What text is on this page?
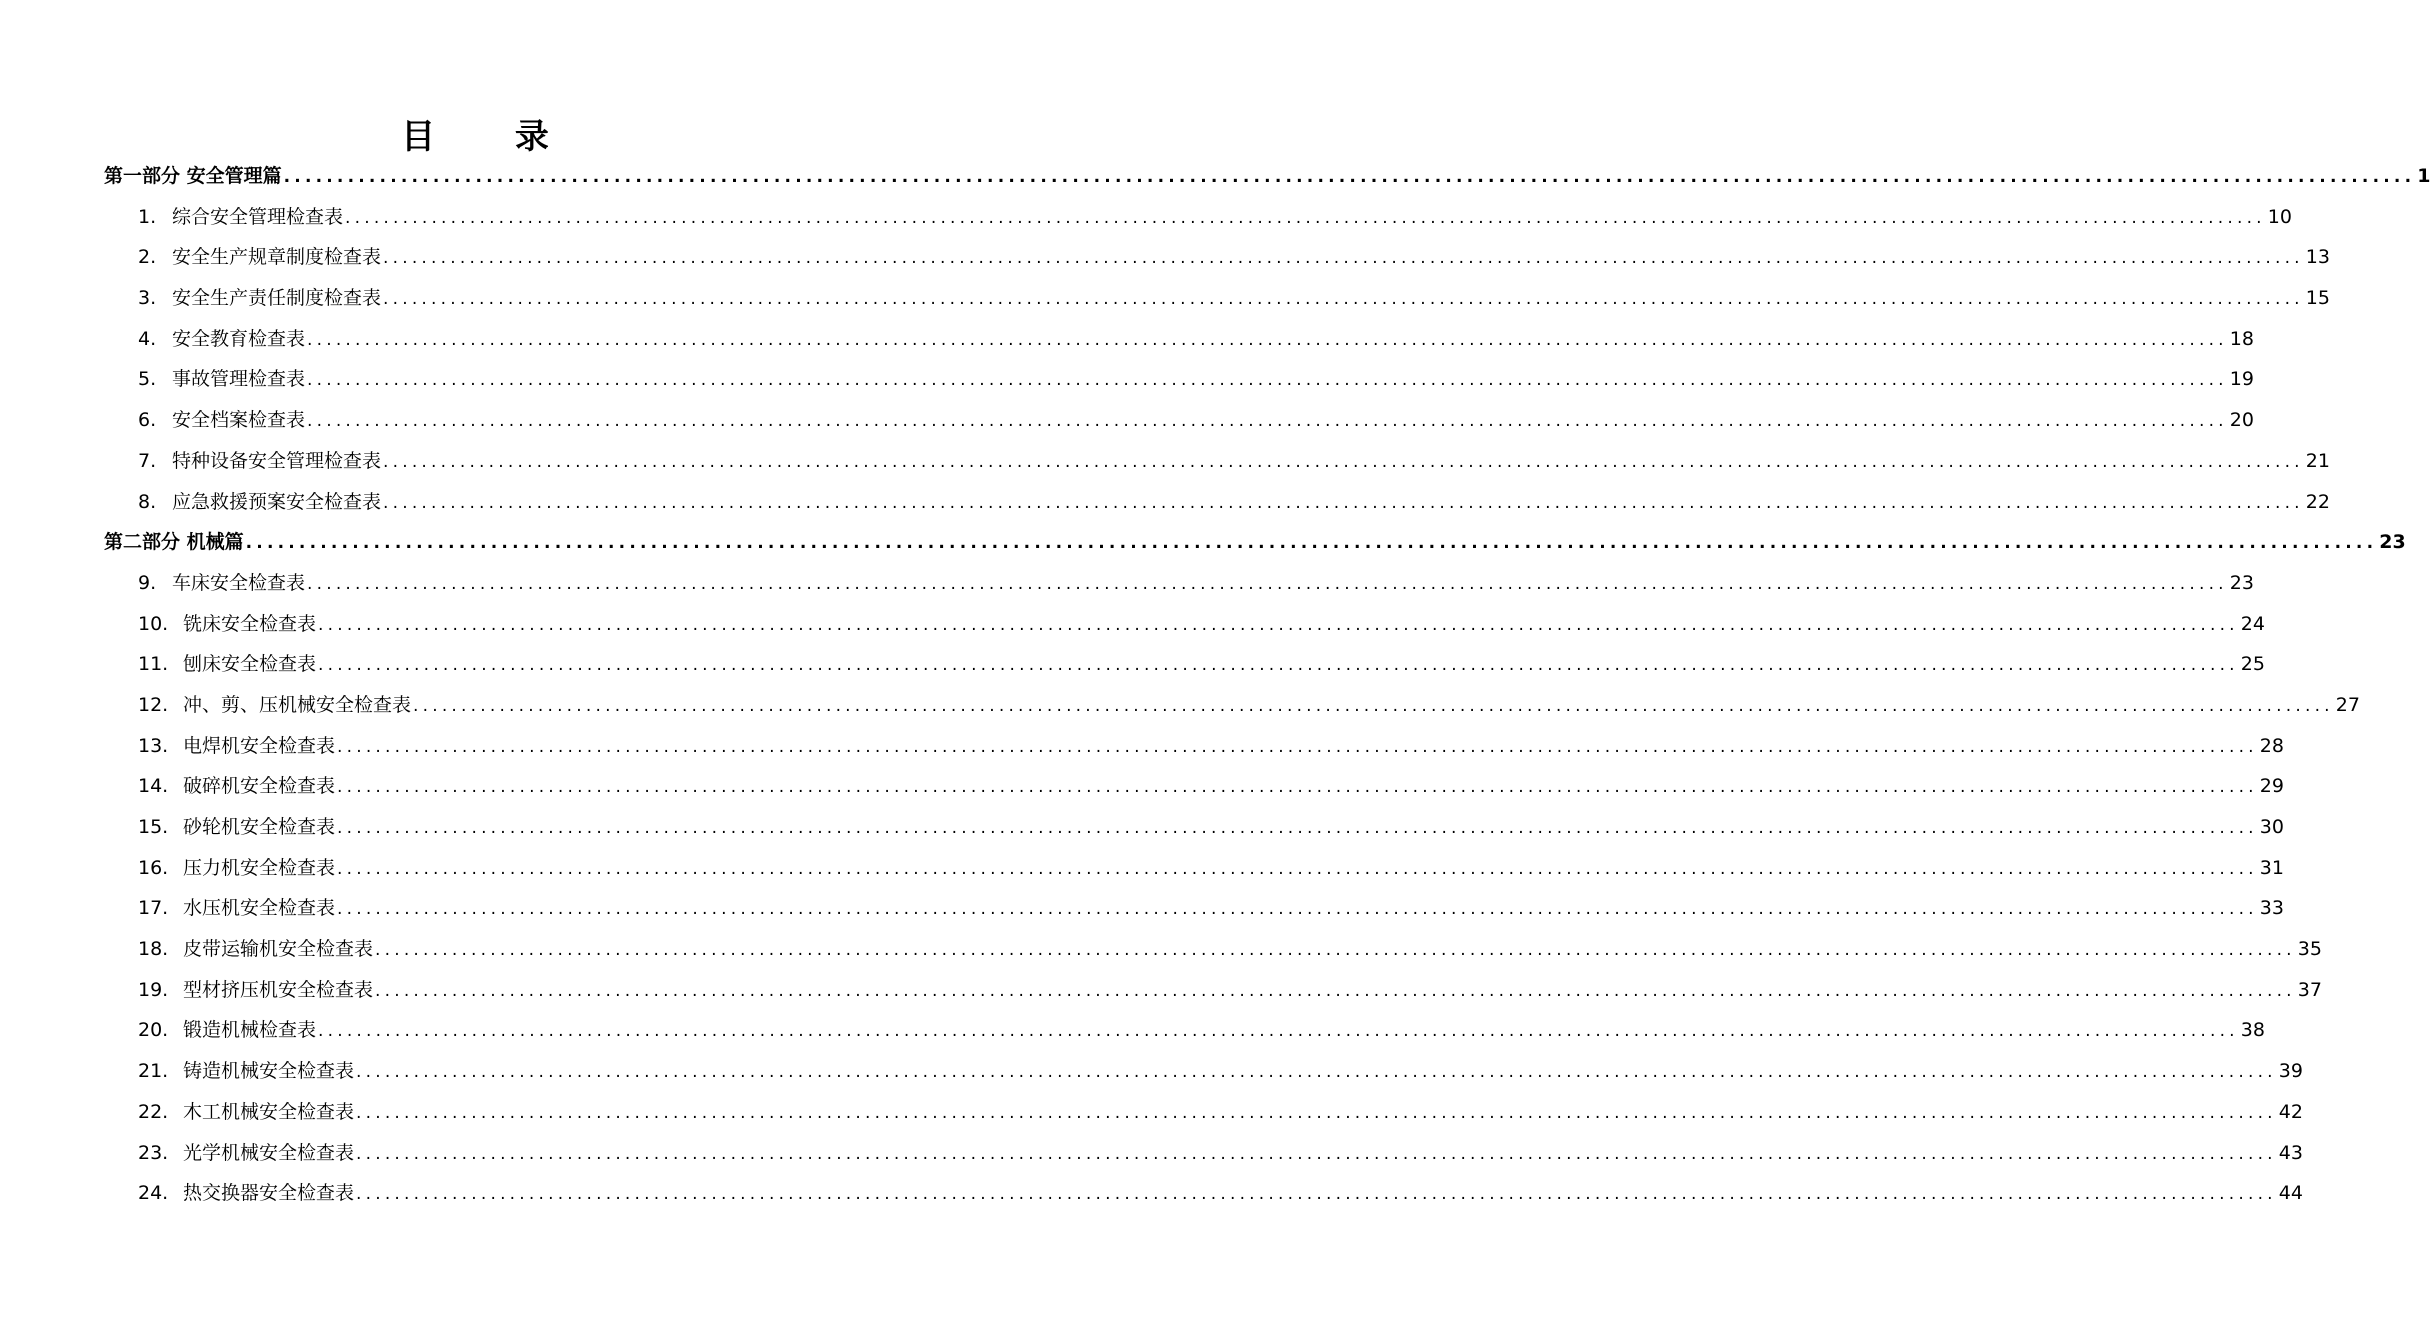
目 录
第一部分 安全管理篇 ........................................................................................................................................................................................................ 1
1. 综合安全管理检查表 ........................................................................................................................................................................................................ 10
2. 安全生产规章制度检查表 ........................................................................................................................................................................................................ 13
3. 安全生产责任制度检查表 ........................................................................................................................................................................................................ 15
4. 安全教育检查表 ........................................................................................................................................................................................................ 18
5. 事故管理检查表 ........................................................................................................................................................................................................ 19
6. 安全档案检查表 ........................................................................................................................................................................................................ 20
7. 特种设备安全管理检查表 ........................................................................................................................................................................................................ 21
8. 应急救援预案安全检查表 ........................................................................................................................................................................................................ 22
第二部分 机械篇 ........................................................................................................................................................................................................ 23
9. 车床安全检查表 ........................................................................................................................................................................................................ 23
10. 铣床安全检查表 ........................................................................................................................................................................................................ 24
11. 刨床安全检查表 ........................................................................................................................................................................................................ 25
12. 冲、剪、压机械安全检查表 ........................................................................................................................................................................................................ 27
13. 电焊机安全检查表 ........................................................................................................................................................................................................ 28
14. 破碎机安全检查表 ........................................................................................................................................................................................................ 29
15. 砂轮机安全检查表 ........................................................................................................................................................................................................ 30
16. 压力机安全检查表 ........................................................................................................................................................................................................ 31
17. 水压机安全检查表 ........................................................................................................................................................................................................ 33
18. 皮带运输机安全检查表 ........................................................................................................................................................................................................ 35
19. 型材挤压机安全检查表 ........................................................................................................................................................................................................ 37
20. 锻造机械检查表 ........................................................................................................................................................................................................ 38
21. 铸造机械安全检查表 ........................................................................................................................................................................................................ 39
22. 木工机械安全检查表 ........................................................................................................................................................................................................ 42
23. 光学机械安全检查表 ........................................................................................................................................................................................................ 43
24. 热交换器安全检查表 ........................................................................................................................................................................................................ 44
